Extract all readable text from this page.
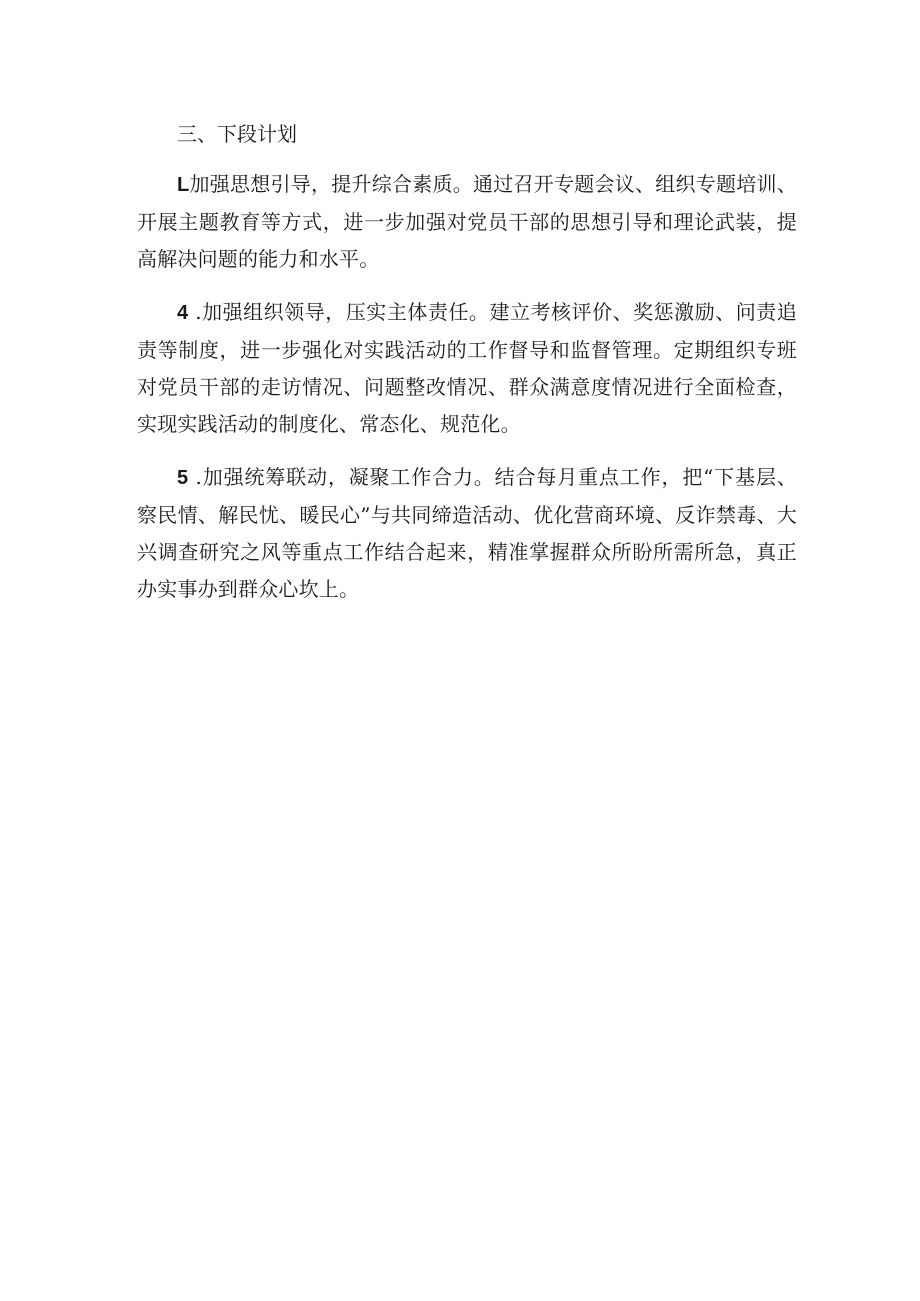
三、下段计划

L加强思想引导，提升综合素质。通过召开专题会议、组织专题培训、开展主题教育等方式，进一步加强对党员干部的思想引导和理论武装，提高解决问题的能力和水平。

4 .加强组织领导，压实主体责任。建立考核评价、奖惩激励、问责追责等制度，进一步强化对实践活动的工作督导和监督管理。定期组织专班对党员干部的走访情况、问题整改情况、群众满意度情况进行全面检查，实现实践活动的制度化、常态化、规范化。

5 .加强统筹联动，凝聚工作合力。结合每月重点工作，把“下基层、察民情、解民忧、暖民心”与共同缔造活动、优化营商环境、反诈禁毒、大兴调查研究之风等重点工作结合起来，精准掌握群众所盼所需所急，真正办实事办到群众心坎上。
